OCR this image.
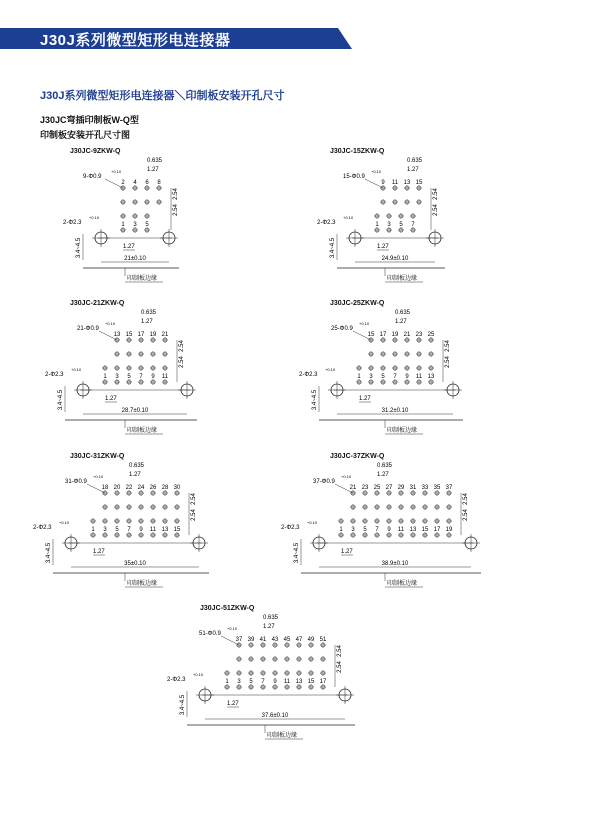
J30J系列微型矩形电连接器
J30J系列微型矩形电连接器＼印制板安装开孔尺寸
J30JC弯插印制板W-Q型
印制板安装开孔尺寸图
J30JC-9ZKW-Q
2 4 6 8
1 3 5
2.54
2.54
0.635
1.27
9-Φ0.9
+0.10
2-Φ2.3
+0.10
3.4~4.5	1.27
21±0.10
印制板边缘
J30JC-15ZKW-Q
9 11 13 15
1 3 5 7
2.54
2.54
0.635
1.27
15-Φ0.9
+0.10
2-Φ2.3
+0.10
3.4~4.5	1.27
24.9±0.10
印制板边缘
J30JC-21ZKW-Q
13 15 17 19 21
1 3 5 7 9 11
2.54
2.54
0.635
1.27
21-Φ0.9
+0.10
2-Φ2.3
+0.10
3.4~4.5	1.27
28.7±0.10
印制板边缘
J30JC-25ZKW-Q
15 17 19 21 23 25
1 3 5 7 9 11 13
2.54
2.54
0.635
1.27
25-Φ0.9
+0.10
2-Φ2.3
+0.10
3.4~4.5	1.27
31.2±0.10
印制板边缘
J30JC-31ZKW-Q
18 20 22 24 26 28 30
1 3 5 7 9 11 13 15
2.54
2.54
0.635
1.27
31-Φ0.9
+0.10
2-Φ2.3
+0.10
3.4~4.5	1.27
35±0.10
印制板边缘
J30JC-37ZKW-Q
21 23 25 27 29 31 33 35 37
1 3 5 7 9 11 13 15 17 19
2.54
2.54
0.635
1.27
37-Φ0.9
+0.10
2-Φ2.3
+0.10
3.4~4.5	1.27
38.9±0.10
印制板边缘
J30JC-51ZKW-Q
37 39 41 43 45 47 49 51
1 3 5 7 9 11 13 15 17
2.54
2.54
0.635
1.27
51-Φ0.9
+0.10
2-Φ2.3
+0.10
3.4~4.5	1.27
37.6±0.10
印制板边缘
